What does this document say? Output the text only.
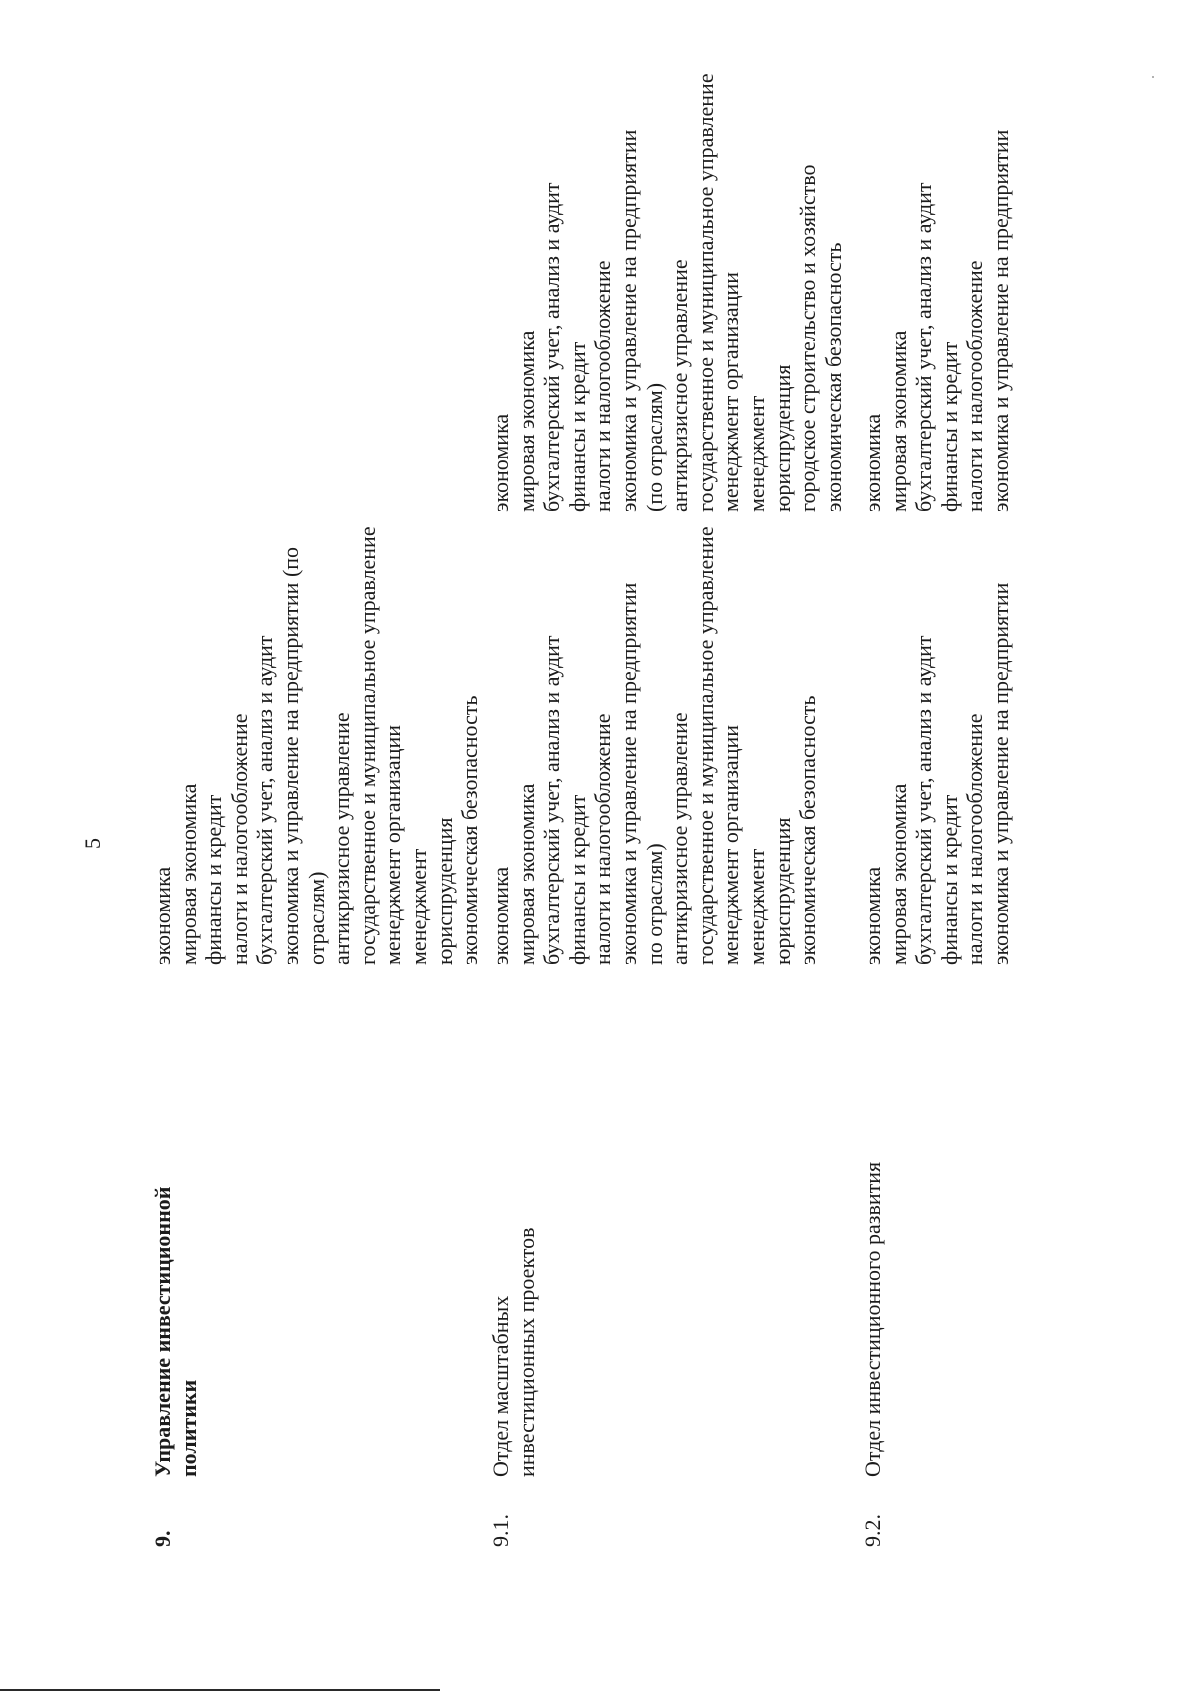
5
9.
Управление инвестиционной политики
экономика мировая экономика финансы и кредит налоги и налогообложение бухгалтерский учет, анализ и аудит экономика и управление на предприятии (по отраслям) антикризисное управление государственное и муниципальное управление менеджмент организации менеджмент юриспруденция экономическая безопасность
9.1.
Отдел масштабных инвестиционных проектов
экономика мировая экономика бухгалтерский учет, анализ и аудит финансы и кредит налоги и налогообложение экономика и управление на предприятии по отраслям) антикризисное управление государственное и муниципальное управление менеджмент организации менеджмент юриспруденция экономическая безопасность
экономика мировая экономика бухгалтерский учет, анализ и аудит финансы и кредит налоги и налогообложение экономика и управление на предприятии (по отраслям) антикризисное управление государственное и муниципальное управление менеджмент организации менеджмент юриспруденция городское строительство и хозяйство экономическая безопасность
9.2.
Отдел инвестиционного развития
экономика мировая экономика бухгалтерский учет, анализ и аудит финансы и кредит налоги и налогообложение экономика и управление на предприятии
экономика мировая экономика бухгалтерский учет, анализ и аудит финансы и кредит налоги и налогообложение экономика и управление на предприятии
